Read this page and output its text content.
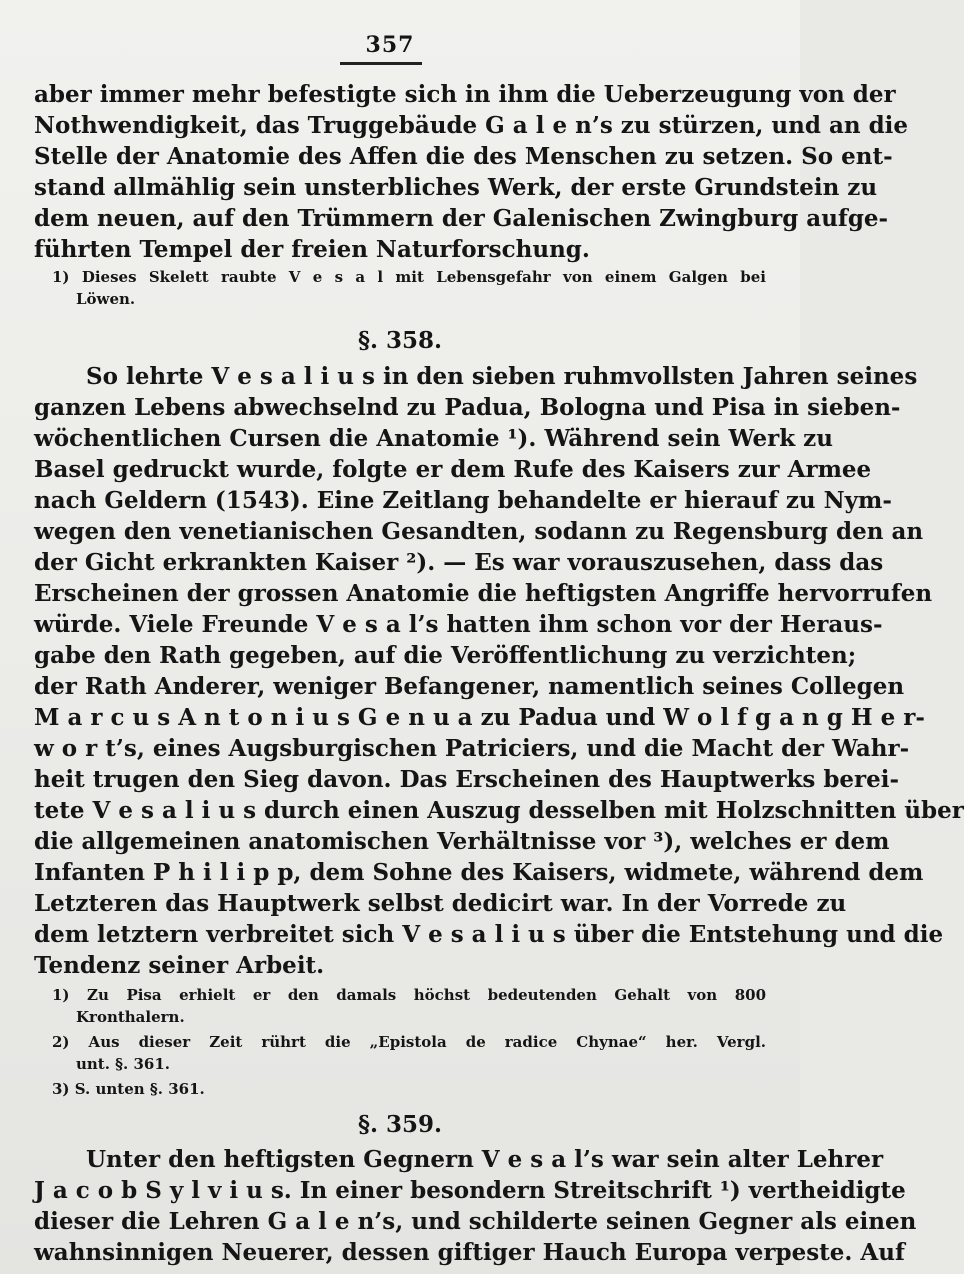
357
aber immer mehr befestigte sich in ihm die Ueberzeugung von der
Nothwendigkeit, das Truggebäude G a l e n’s zu stürzen, und an die
Stelle der Anatomie des Affen die des Menschen zu setzen. So ent-
stand allmählig sein unsterbliches Werk, der erste Grundstein zu
dem neuen, auf den Trümmern der Galenischen Zwingburg aufge-
führten Tempel der freien Naturforschung.
1) Dieses Skelett raubte V e s a l mit Lebensgefahr von einem Galgen bei
Löwen.
§. 358.
So lehrte V e s a l i u s in den sieben ruhmvollsten Jahren seines
ganzen Lebens abwechselnd zu Padua, Bologna und Pisa in sieben-
wöchentlichen Cursen die Anatomie ¹). Während sein Werk zu
Basel gedruckt wurde, folgte er dem Rufe des Kaisers zur Armee
nach Geldern (1543). Eine Zeitlang behandelte er hierauf zu Nym-
wegen den venetianischen Gesandten, sodann zu Regensburg den an
der Gicht erkrankten Kaiser ²). — Es war vorauszusehen, dass das
Erscheinen der grossen Anatomie die heftigsten Angriffe hervorrufen
würde. Viele Freunde V e s a l’s hatten ihm schon vor der Heraus-
gabe den Rath gegeben, auf die Veröffentlichung zu verzichten;
der Rath Anderer, weniger Befangener, namentlich seines Collegen
M a r c u s A n t o n i u s G e n u a zu Padua und W o l f g a n g H e r-
w o r t’s, eines Augsburgischen Patriciers, und die Macht der Wahr-
heit trugen den Sieg davon. Das Erscheinen des Hauptwerks berei-
tete V e s a l i u s durch einen Auszug desselben mit Holzschnitten über
die allgemeinen anatomischen Verhältnisse vor ³), welches er dem
Infanten P h i l i p p, dem Sohne des Kaisers, widmete, während dem
Letzteren das Hauptwerk selbst dedicirt war. In der Vorrede zu
dem letztern verbreitet sich V e s a l i u s über die Entstehung und die
Tendenz seiner Arbeit.
1) Zu Pisa erhielt er den damals höchst bedeutenden Gehalt von 800
Kronthalern.
2) Aus dieser Zeit rührt die „Epistola de radice Chynae“ her. Vergl.
unt. §. 361.
3) S. unten §. 361.
§. 359.
Unter den heftigsten Gegnern V e s a l’s war sein alter Lehrer
J a c o b S y l v i u s. In einer besondern Streitschrift ¹) vertheidigte
dieser die Lehren G a l e n’s, und schilderte seinen Gegner als einen
wahnsinnigen Neuerer, dessen giftiger Hauch Europa verpeste. Auf
